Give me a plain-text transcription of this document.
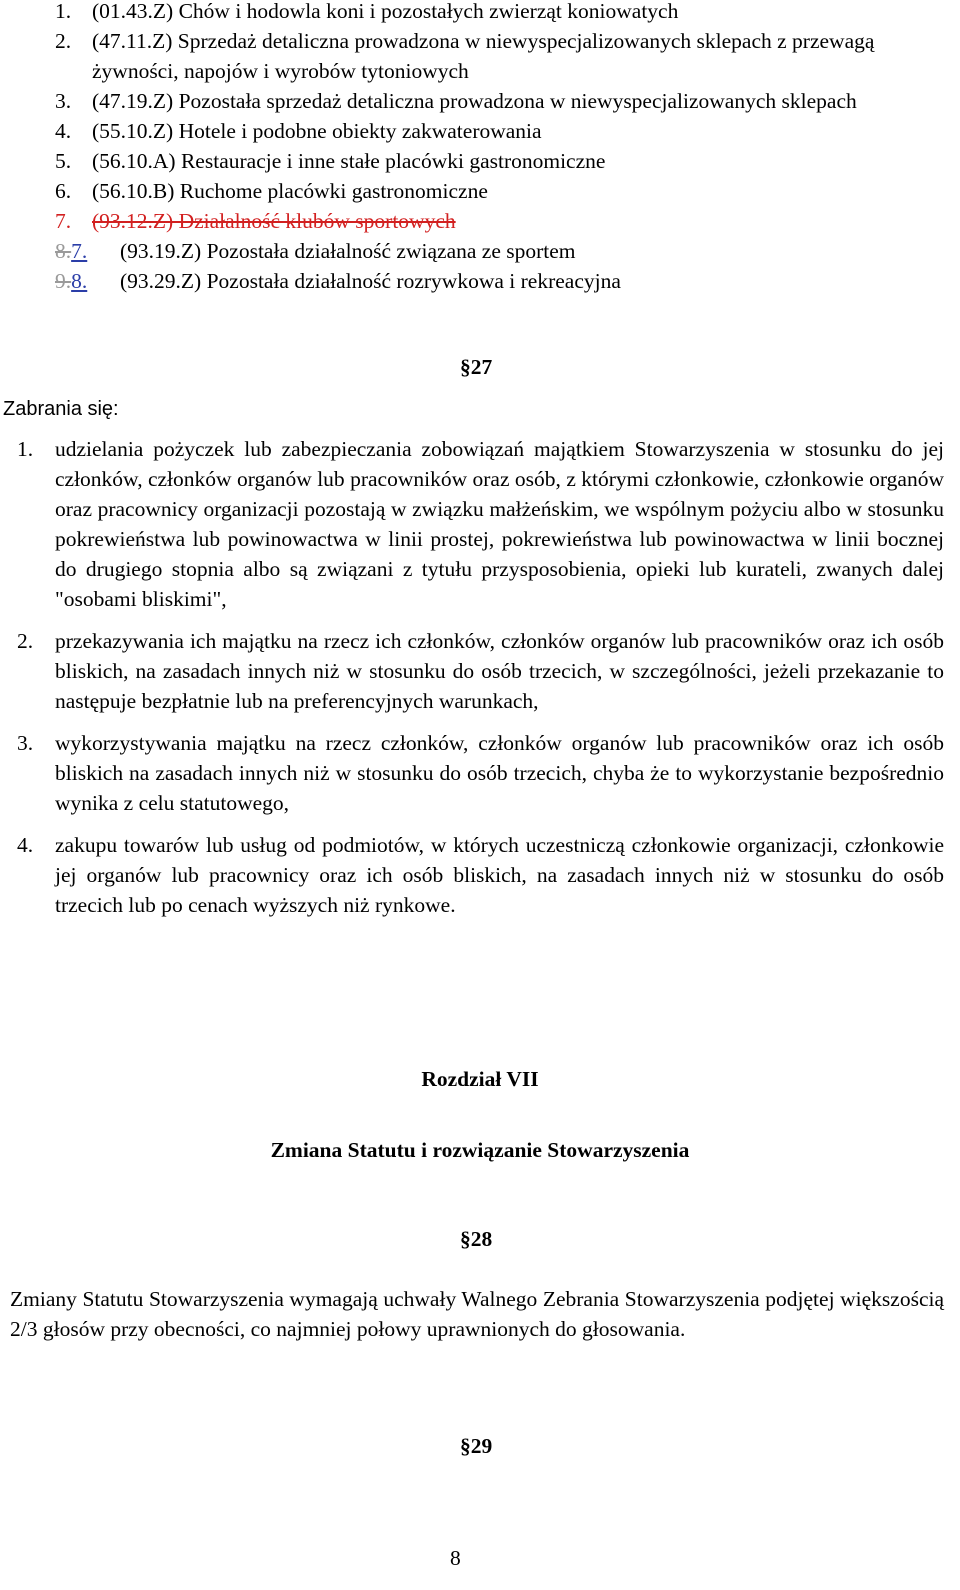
1. (01.43.Z) Chów i hodowla koni i pozostałych zwierząt koniowatych
2. (47.11.Z) Sprzedaż detaliczna prowadzona w niewyspecjalizowanych sklepach z przewagą żywności, napojów i wyrobów tytoniowych
3. (47.19.Z) Pozostała sprzedaż detaliczna prowadzona w niewyspecjalizowanych sklepach
4. (55.10.Z) Hotele i podobne obiekty zakwaterowania
5. (56.10.A) Restauracje i inne stałe placówki gastronomiczne
6. (56.10.B) Ruchome placówki gastronomiczne
7. (93.12.Z) Działalność klubów sportowych
8.7. (93.19.Z) Pozostała działalność związana ze sportem
9.8. (93.29.Z) Pozostała działalność rozrywkowa i rekreacyjna
§27
Zabrania się:
1. udzielania pożyczek lub zabezpieczania zobowiązań majątkiem Stowarzyszenia w stosunku do jej członków, członków organów lub pracowników oraz osób, z którymi członkowie, członkowie organów oraz pracownicy organizacji pozostają w związku małżeńskim, we wspólnym pożyciu albo w stosunku pokrewieństwa lub powinowactwa w linii prostej, pokrewieństwa lub powinowactwa w linii bocznej do drugiego stopnia albo są związani z tytułu przysposobienia, opieki lub kurateli, zwanych dalej "osobami bliskimi",
2. przekazywania ich majątku na rzecz ich członków, członków organów lub pracowników oraz ich osób bliskich, na zasadach innych niż w stosunku do osób trzecich, w szczególności, jeżeli przekazanie to następuje bezpłatnie lub na preferencyjnych warunkach,
3. wykorzystywania majątku na rzecz członków, członków organów lub pracowników oraz ich osób bliskich na zasadach innych niż w stosunku do osób trzecich, chyba że to wykorzystanie bezpośrednio wynika z celu statutowego,
4. zakupu towarów lub usług od podmiotów, w których uczestniczą członkowie organizacji, członkowie jej organów lub pracownicy oraz ich osób bliskich, na zasadach innych niż w stosunku do osób trzecich lub po cenach wyższych niż rynkowe.
Rozdział VII
Zmiana Statutu i rozwiązanie Stowarzyszenia
§28
Zmiany Statutu Stowarzyszenia wymagają uchwały Walnego Zebrania Stowarzyszenia podjętej większością 2/3 głosów przy obecności, co najmniej połowy uprawnionych do głosowania.
§29
8
